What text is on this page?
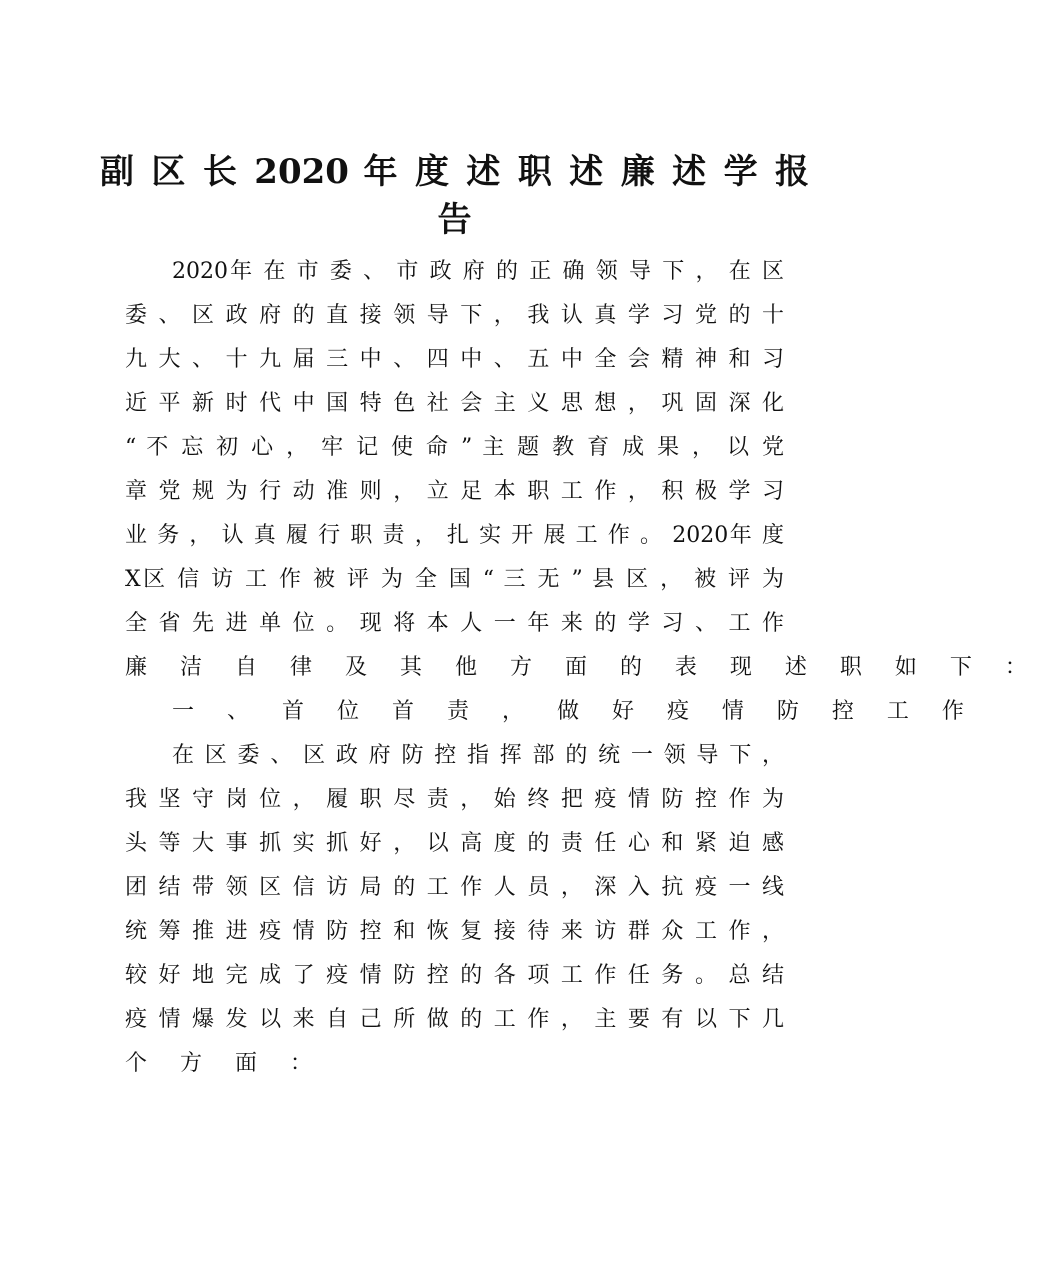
副 区 长 2020 年 度 述 职 述 廉 述 学 报
告
2020年 在 市 委 、 市 政 府 的 正 确 领 导 下 ， 在 区
委 、 区 政 府 的 直 接 领 导 下 ， 我 认 真 学 习 党 的 十
九 大 、 十 九 届 三 中 、 四 中 、 五 中 全 会 精 神 和 习
近 平 新 时 代 中 国 特 色 社 会 主 义 思 想 ， 巩 固 深 化
“ 不 忘 初 心 ， 牢 记 使 命 ” 主 题 教 育 成 果 ， 以 党
章 党 规 为 行 动 准 则 ， 立 足 本 职 工 作 ， 积 极 学 习
业 务 ， 认 真 履 行 职 责 ， 扎 实 开 展 工 作 。 2020年 度
X区 信 访 工 作 被 评 为 全 国 “ 三 无 ” 县 区 ， 被 评 为
全 省 先 进 单 位 。 现 将 本 人 一 年 来 的 学 习 、 工 作
廉 洁 自 律 及 其 他 方 面 的 表 现 述 职 如 下 ：
一 、 首 位 首 责 ， 做 好 疫 情 防 控 工 作
在 区 委 、 区 政 府 防 控 指 挥 部 的 统 一 领 导 下 ，
我 坚 守 岗 位 ， 履 职 尽 责 ， 始 终 把 疫 情 防 控 作 为
头 等 大 事 抓 实 抓 好 ， 以 高 度 的 责 任 心 和 紧 迫 感
团 结 带 领 区 信 访 局 的 工 作 人 员 ， 深 入 抗 疫 一 线
统 筹 推 进 疫 情 防 控 和 恢 复 接 待 来 访 群 众 工 作 ，
较 好 地 完 成 了 疫 情 防 控 的 各 项 工 作 任 务 。 总 结
疫 情 爆 发 以 来 自 己 所 做 的 工 作 ， 主 要 有 以 下 几
个 方 面 ：
